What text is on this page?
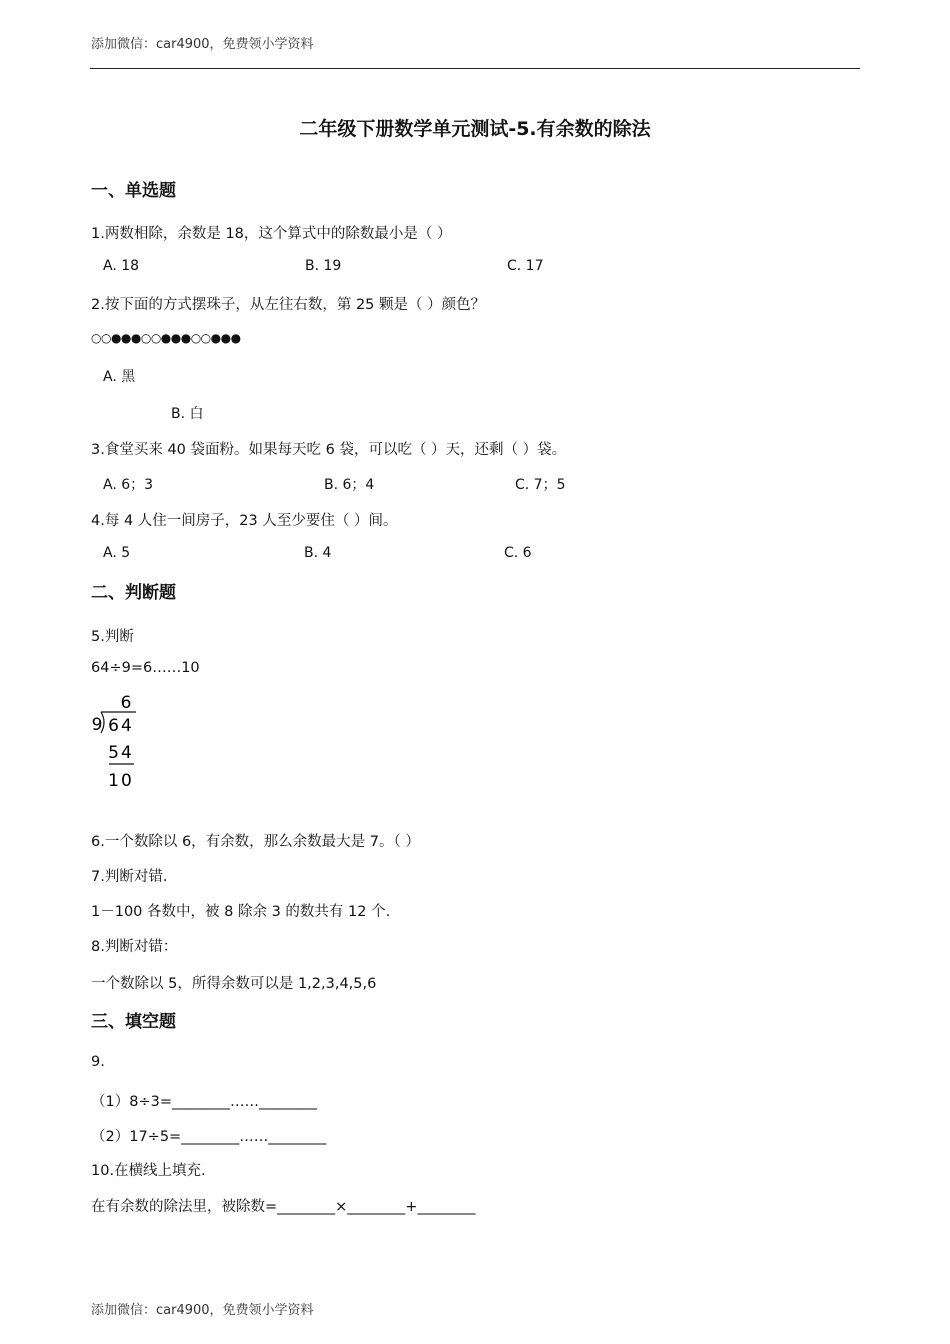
添加微信：car4900，免费领小学资料
二年级下册数学单元测试-5.有余数的除法
一、单选题
1.两数相除，余数是 18，这个算式中的除数最小是（ ）
A. 18	B. 19	C. 17
2.按下面的方式摆珠子，从左往右数，第 25 颗是（ ）颜色？
○○●●●○○●●●○○●●●
A. 黑
B. 白
3.食堂买来 40 袋面粉。如果每天吃 6 袋，可以吃（ ）天，还剩（ ）袋。
A. 6；3	B. 6；4	C. 7；5
4.每 4 人住一间房子，23 人至少要住（ ）间。
A. 5	B. 4	C. 6
二、判断题
5.判断
64÷9=6……10
6
9 64
54
10
6.一个数除以 6，有余数，那么余数最大是 7。（ ）
7.判断对错.
1－100 各数中，被 8 除余 3 的数共有 12 个.
8.判断对错：
一个数除以 5，所得余数可以是 1,2,3,4,5,6
三、填空题
9.
（1）8÷3=________……________
（2）17÷5=________……________
10.在横线上填充.
在有余数的除法里，被除数=________×________+________
添加微信：car4900，免费领小学资料
